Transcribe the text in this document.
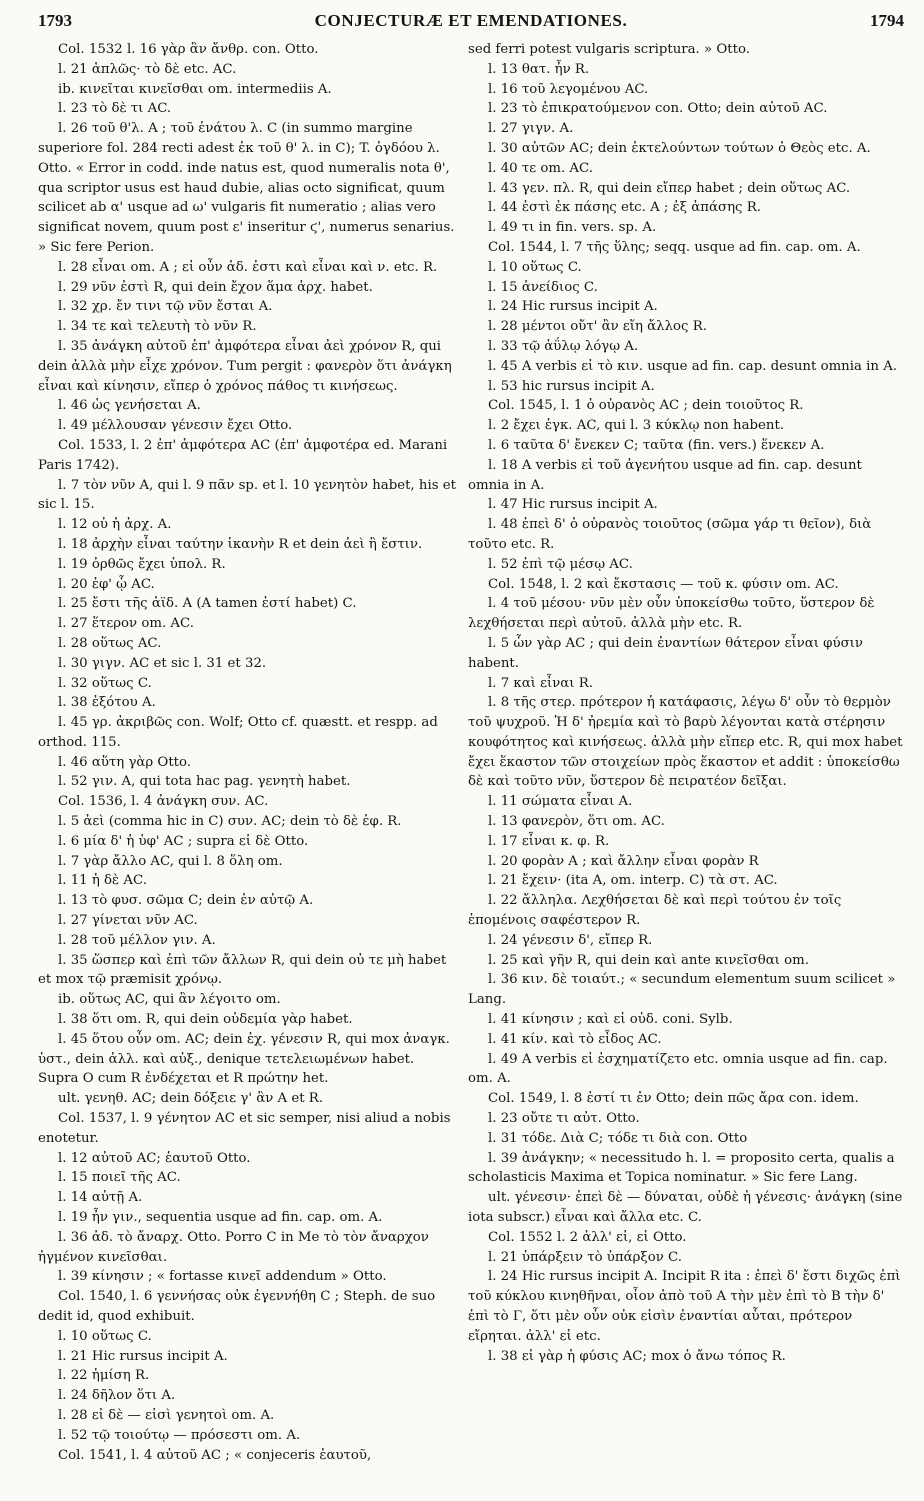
1793	CONJECTURÆ ET EMENDATIONES.	1794

Col. 1532 l. 16 γὰρ ἂν ἄνθρ. con. Otto.

l. 21 ἁπλῶς· τὸ δὲ etc. AC.

ib. κινεῖται κινεῖσθαι om. intermediis A.

l. 23 τὸ δὲ τι AC.

l. 26 τοῦ θ'λ. A ; τοῦ ἐνάτου λ. C (in summo margine superiore fol. 284 recti adest ἐκ τοῦ θ' λ. in C); T. ὀγδόου λ. Otto. « Error in codd. inde natus est, quod numeralis nota θ', qua scriptor usus est haud dubie, alias octo significat, quum scilicet ab α' usque ad ω' vulgaris fit numeratio ; alias vero significat novem, quum post ε' inseritur ϛ', numerus senarius. » Sic fere Perion.

l. 28 εἶναι om. A ; εἰ οὖν ἀδ. ἐστι καὶ εἶναι καὶ ν. etc. R.

l. 29 νῦν ἐστὶ R, qui dein ἔχον ἅμα ἀρχ. habet.

l. 32 χρ. ἔν τινι τῷ νῦν ἔσται A.

l. 34 τε καὶ τελευτὴ τὸ νῦν R.

l. 35 ἀνάγκη αὐτοῦ ἐπ' ἀμφότερα εἶναι ἀεὶ χρόνον R, qui dein ἀλλὰ μὴν εἶχε χρόνον. Tum pergit : φανερὸν ὅτι ἀνάγκη εἶναι καὶ κίνησιν, εἴπερ ὁ χρόνος πάθος τι κινήσεως.

l. 46 ὡς γενήσεται A.

l. 49 μέλλουσαν γένεσιν ἔχει Otto.

Col. 1533, l. 2 ἐπ' ἀμφότερα AC (ἐπ' ἀμφοτέρα ed. Marani Paris 1742).

l. 7 τὸν νῦν A, qui l. 9 πᾶν sp. et l. 10 γενητὸν habet, his et sic l. 15.

l. 12 οὐ ἡ ἀρχ. A.

l. 18 ἀρχὴν εἶναι ταύτην ἱκανὴν R et dein ἀεὶ ἢ ἔστιν.

l. 19 ὀρθῶς ἔχει ὑπολ. R.

l. 20 ἐφ' ᾧ AC.

l. 25 ἔστι τῆς ἀϊδ. A (A tamen ἐστί habet) C.

l. 27 ἕτερον om. AC.

l. 28 οὕτως AC.

l. 30 γιγν. AC et sic l. 31 et 32.

l. 32 οὕτως C.

l. 38 ἐξότου A.

l. 45 γρ. ἀκριβῶς con. Wolf; Otto cf. quæstt. et respp. ad orthod. 115.

l. 46 αὕτη γὰρ Otto.

l. 52 γιν. A, qui tota hac pag. γενητὴ habet.

Col. 1536, l. 4 ἀνάγκη συν. AC.

l. 5 ἀεὶ (comma hic in C) συν. AC; dein τὸ δὲ ἐφ. R.

l. 6 μία δ' ἡ ὑφ' AC ; supra εἰ δὲ Otto.

l. 7 γὰρ ἄλλο AC, qui l. 8 ὅλη om.

l. 11 ἡ δὲ AC.

l. 13 τὸ φυσ. σῶμα C; dein ἐν αὐτῷ A.

l. 27 γίνεται νῦν AC.

l. 28 τοῦ μέλλον γιν. A.

l. 35 ὥσπερ καὶ ἐπὶ τῶν ἄλλων R, qui dein οὐ τε μὴ habet et mox τῷ præmisit χρόνῳ.

ib. οὕτως AC, qui ἂν λέγοιτο om.

l. 38 ὅτι om. R, qui dein οὐδεμία γὰρ habet.

l. 45 ὅτου οὖν om. AC; dein ἐχ. γένεσιν R, qui mox ἀναγκ. ὑστ., dein ἀλλ. καὶ αὐξ., denique τετελειωμένων habet. Supra O cum R ἐνδέχεται et R πρώτην het.

ult. γενηθ. AC; dein δόξειε γ' ἂν A et R.

Col. 1537, l. 9 γένητον AC et sic semper, nisi aliud a nobis enotetur.

l. 12 αὐτοῦ AC; ἑαυτοῦ Otto.

l. 15 ποιεῖ τῆς AC.

l. 14 αὐτῇ A.

l. 19 ἦν γιν., sequentia usque ad fin. cap. om. A.

l. 36 ἀδ. τὸ ἄναρχ. Otto. Porro C in Me τὸ τὸν ἄναρχον ἡγμένον κινεῖσθαι.

l. 39 κίνησιν ; « fortasse κινεῖ addendum » Otto.

Col. 1540, l. 6 γεννήσας οὐκ ἐγεννήθη C ; Steph. de suo dedit id, quod exhibuit.

l. 10 οὕτως C.

l. 21 Hic rursus incipit A.

l. 22 ἡμίση R.

l. 24 δῆλον ὅτι A.

l. 28 εἰ δὲ — εἰσὶ γενητοὶ om. A.

l. 52 τῷ τοιούτῳ — πρόσεστι om. A.

Col. 1541, l. 4 αὐτοῦ AC ; « conjeceris ἑαυτοῦ,

sed ferri potest vulgaris scriptura. » Otto.

l. 13 θατ. ἦν R.

l. 16 τοῦ λεγομένου AC.

l. 23 τὸ ἐπικρατούμενον con. Otto; dein αὐτοῦ AC.

l. 27 γιγν. A.

l. 30 αὐτῶν AC; dein ἐκτελούντων τούτων ὁ Θεὸς etc. A.

l. 40 τε om. AC.

l. 43 γεν. πλ. R, qui dein εἴπερ habet ; dein οὕτως AC.

l. 44 ἐστὶ ἐκ πάσης etc. A ; ἐξ ἁπάσης R.

l. 49 τι in fin. vers. sp. A.

Col. 1544, l. 7 τῆς ὕλης; seqq. usque ad fin. cap. om. A.

l. 10 οὕτως C.

l. 15 ἀνείδιος C.

l. 24 Hic rursus incipit A.

l. 28 μέντοι οὔτ' ἂν εἴη ἄλλος R.

l. 33 τῷ ἀΰλῳ λόγῳ A.

l. 45 A verbis εἰ τὸ κιν. usque ad fin. cap. desunt omnia in A.

l. 53 hic rursus incipit A.

Col. 1545, l. 1 ὁ οὐρανὸς AC ; dein τοιοῦτος R.

l. 2 ἔχει ἐγκ. AC, qui l. 3 κύκλῳ non habent.

l. 6 ταῦτα δ' ἔνεκεν C; ταῦτα (fin. vers.) ἕνεκεν A.

l. 18 A verbis εἰ τοῦ ἀγενήτου usque ad fin. cap. desunt omnia in A.

l. 47 Hic rursus incipit A.

l. 48 ἐπεὶ δ' ὁ οὐρανὸς τοιοῦτος (σῶμα γάρ τι θεῖον), διὰ τοῦτο etc. R.

l. 52 ἐπὶ τῷ μέσῳ AC.

Col. 1548, l. 2 καὶ ἔκστασις — τοῦ κ. φύσιν om. AC.

l. 4 τοῦ μέσου· νῦν μὲν οὖν ὑποκείσθω τοῦτο, ὕστερον δὲ λεχθήσεται περὶ αὐτοῦ. ἀλλὰ μὴν etc. R.

l. 5 ὧν γὰρ AC ; qui dein ἐναντίων θάτερον εἶναι φύσιν habent.

l. 7 καὶ εἶναι R.

l. 8 τῆς στερ. πρότερον ἡ κατάφασις, λέγω δ' οὖν τὸ θερμὸν τοῦ ψυχροῦ. Ἡ δ' ἠρεμία καὶ τὸ βαρὺ λέγονται κατὰ στέρησιν κουφότητος καὶ κινήσεως. ἀλλὰ μὴν εἴπερ etc. R, qui mox habet ἔχει ἕκαστον τῶν στοιχείων πρὸς ἕκαστον et addit : ὑποκείσθω δὲ καὶ τοῦτο νῦν, ὕστερον δὲ πειρατέον δεῖξαι.

l. 11 σώματα εἶναι A.

l. 13 φανερὸν, ὅτι om. AC.

l. 17 εἶναι κ. φ. R.

l. 20 φορὰν A ; καὶ ἄλλην εἶναι φορὰν R

l. 21 ἔχειν· (ita A, om. interp. C) τὰ στ. AC.

l. 22 ἄλληλα. Λεχθήσεται δὲ καὶ περὶ τούτου ἐν τοῖς ἑπομένοις σαφέστερον R.

l. 24 γένεσιν δ', εἴπερ R.

l. 25 καὶ γῆν R, qui dein καὶ ante κινεῖσθαι om.

l. 36 κιν. δὲ τοιαύτ.; « secundum elementum suum scilicet » Lang.

l. 41 κίνησιν ; καὶ εἰ οὐδ. coni. Sylb.

l. 41 κίν. καὶ τὸ εἶδος AC.

l. 49 A verbis εἰ ἐσχηματίζετο etc. omnia usque ad fin. cap. om. A.

Col. 1549, l. 8 ἐστί τι ἐν Otto; dein πῶς ἄρα con. idem.

l. 23 οὔτε τι αὐτ. Otto.

l. 31 τόδε. Διὰ C; τόδε τι διὰ con. Otto

l. 39 ἀνάγκην; « necessitudo h. l. = proposito certa, qualis a scholasticis Maxima et Topica nominatur. » Sic fere Lang.

ult. γένεσιν· ἐπεὶ δὲ — δύναται, οὐδὲ ἡ γένεσις· ἀνάγκη (sine iota subscr.) εἶναι καὶ ἄλλα etc. C.

Col. 1552 l. 2 ἀλλ' εἰ, εἰ Otto.

l. 21 ὑπάρξειν τὸ ὑπάρξον C.

l. 24 Hic rursus incipit A. Incipit R ita : ἐπεὶ δ' ἔστι διχῶς ἐπὶ τοῦ κύκλου κινηθῆναι, οἷον ἀπὸ τοῦ A τὴν μὲν ἐπὶ τὸ B τὴν δ' ἐπὶ τὸ Γ, ὅτι μὲν οὖν οὐκ εἰσὶν ἐναντίαι αὗται, πρότερον εἴρηται. ἀλλ' εἰ etc.

l. 38 εἰ γὰρ ἡ φύσις AC; mox ὁ ἄνω τόπος R.
